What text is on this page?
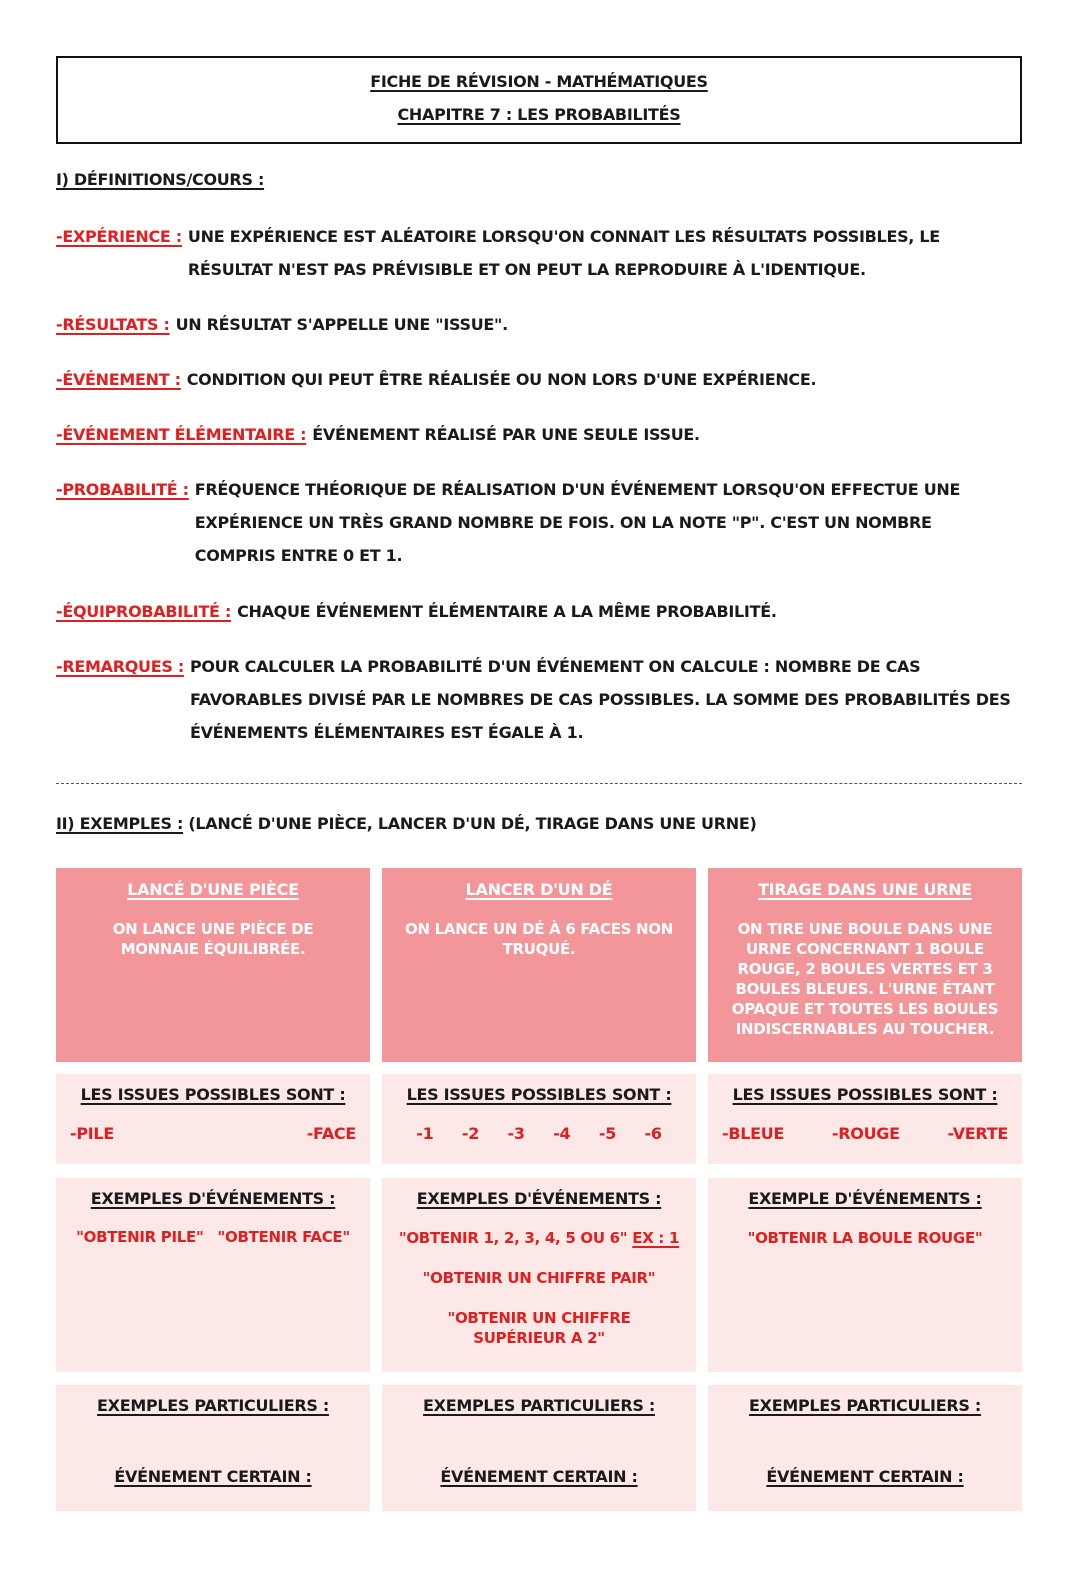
FICHE DE RÉVISION - MATHÉMATIQUES
CHAPITRE 7 : LES PROBABILITÉS
I) DÉFINITIONS/COURS :
-EXPÉRIENCE : UNE EXPÉRIENCE EST ALÉATOIRE LORSQU'ON CONNAIT LES RÉSULTATS POSSIBLES, LE RÉSULTAT N'EST PAS PRÉVISIBLE ET ON PEUT LA REPRODUIRE À L'IDENTIQUE.
-RÉSULTATS : UN RÉSULTAT S'APPELLE UNE "ISSUE".
-ÉVÉNEMENT : CONDITION QUI PEUT ÊTRE RÉALISÉE OU NON LORS D'UNE EXPÉRIENCE.
-ÉVÉNEMENT ÉLÉMENTAIRE : ÉVÉNEMENT RÉALISÉ PAR UNE SEULE ISSUE.
-PROBABILITÉ : FRÉQUENCE THÉORIQUE DE RÉALISATION D'UN ÉVÉNEMENT LORSQU'ON EFFECTUE UNE EXPÉRIENCE UN TRÈS GRAND NOMBRE DE FOIS. ON LA NOTE "P". C'EST UN NOMBRE COMPRIS ENTRE 0 ET 1.
-ÉQUIPROBABILITÉ : CHAQUE ÉVÉNEMENT ÉLÉMENTAIRE A LA MÊME PROBABILITÉ.
-REMARQUES : POUR CALCULER LA PROBABILITÉ D'UN ÉVÉNEMENT ON CALCULE : NOMBRE DE CAS FAVORABLES DIVISÉ PAR LE NOMBRES DE CAS POSSIBLES. LA SOMME DES PROBABILITÉS DES ÉVÉNEMENTS ÉLÉMENTAIRES EST ÉGALE À 1.
II) EXEMPLES : (LANCÉ D'UNE PIÈCE, LANCER D'UN DÉ, TIRAGE DANS UNE URNE)
LANCÉ D'UNE PIÈCE
ON LANCE UNE PIÈCE DE MONNAIE ÉQUILIBRÉE.
LANCER D'UN DÉ
ON LANCE UN DÉ À 6 FACES NON TRUQUÉ.
TIRAGE DANS UNE URNE
ON TIRE UNE BOULE DANS UNE URNE CONCERNANT 1 BOULE ROUGE, 2 BOULES VERTES ET 3 BOULES BLEUES. L'URNE ÉTANT OPAQUE ET TOUTES LES BOULES INDISCERNABLES AU TOUCHER.
LES ISSUES POSSIBLES SONT :
-PILE	-FACE
LES ISSUES POSSIBLES SONT :
-1 -2 -3 -4 -5 -6
LES ISSUES POSSIBLES SONT :
-BLEUE	-ROUGE	-VERTE
EXEMPLES D'ÉVÉNEMENTS :
"OBTENIR PILE" "OBTENIR FACE"
EXEMPLES D'ÉVÉNEMENTS :
"OBTENIR 1, 2, 3, 4, 5 OU 6" EX : 1
"OBTENIR UN CHIFFRE PAIR"
"OBTENIR UN CHIFFRE SUPÉRIEUR A 2"
EXEMPLE D'ÉVÉNEMENTS :
"OBTENIR LA BOULE ROUGE"
EXEMPLES PARTICULIERS :
ÉVÉNEMENT CERTAIN :
EXEMPLES PARTICULIERS :
ÉVÉNEMENT CERTAIN :
EXEMPLES PARTICULIERS :
ÉVÉNEMENT CERTAIN :
